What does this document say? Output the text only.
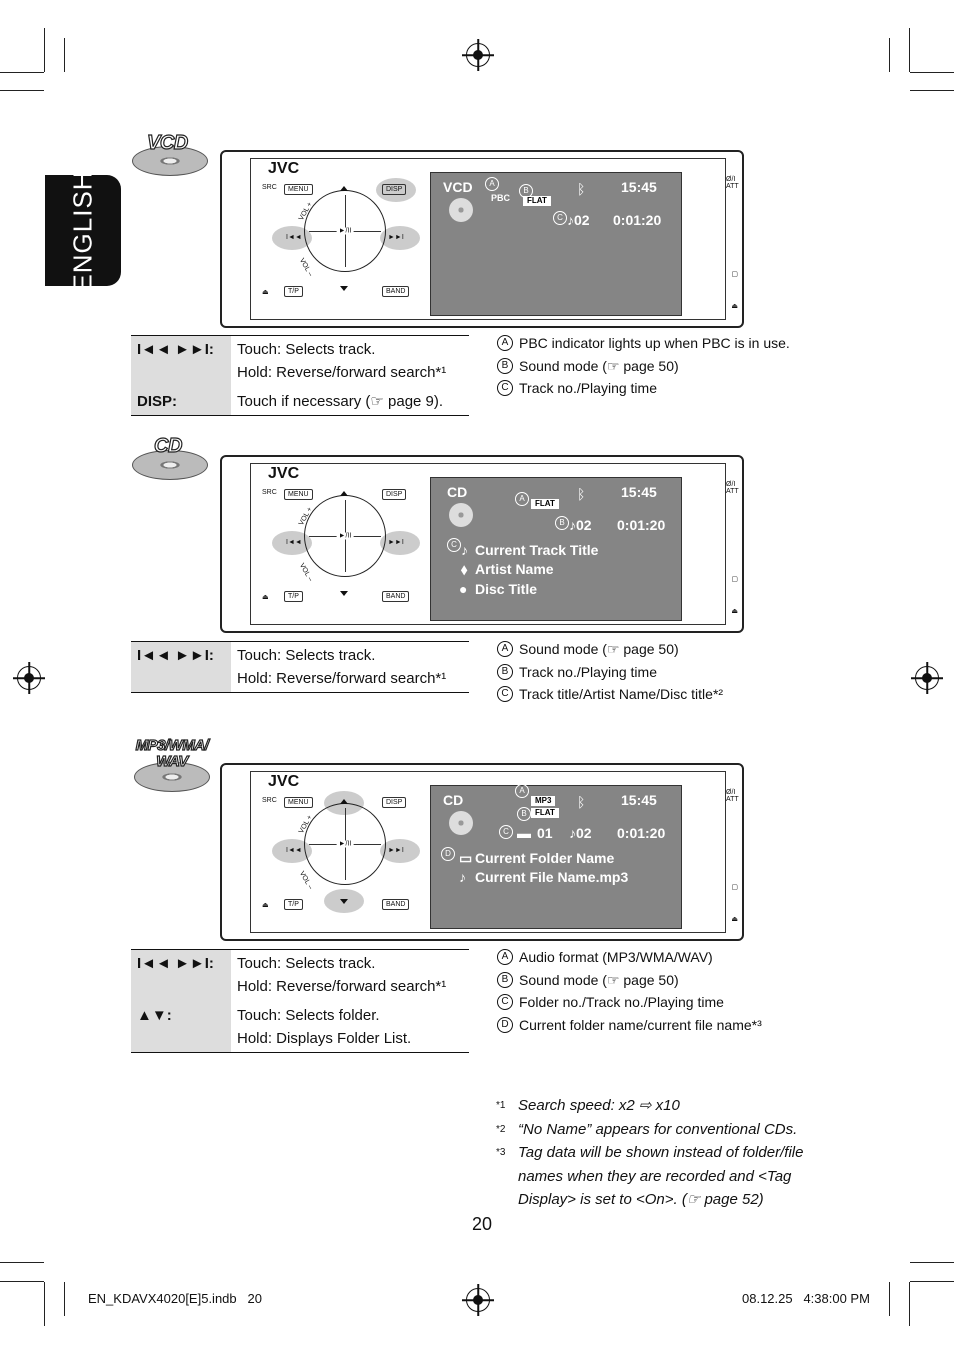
ENGLISH
VCD
JVC
SRC	MENU	DISP
VOL +
VOL –
►/II
I◄◄	►►I
⏏	T/P	BAND
VCD	A
PBC
B
FLAT
ᛒ	15:45
C ♪02 0:01:20
Ø/I ATT
▢
⏏
I◄◄ ►►I:	Touch: Selects track.
Hold: Reverse/forward search*¹

DISP:	Touch if necessary (☞ page 9).
A PBC indicator lights up when PBC is in use.
B Sound mode (☞ page 50)
C Track no./Playing time
CD
JVC
SRC	MENU	DISP
VOL +
VOL –
►/II
I◄◄	►►I
⏏	T/P	BAND
CD	A
FLAT
ᛒ	15:45
B ♪02 0:01:20
C ♪ Current Track Title
⬧ Artist Name
● Disc Title
Ø/I ATT
▢
⏏
I◄◄ ►►I:	Touch: Selects track.
Hold: Reverse/forward search*¹
A Sound mode (☞ page 50)
B Track no./Playing time
C Track title/Artist Name/Disc title*²
MP3/WMA/ WAV
JVC
SRC	MENU	DISP
VOL +
VOL –
►/II
I◄◄	►►I
⏏	T/P	BAND
CD
A
MP3
B	FLAT
ᛒ	15:45
C ▬ 01 ♪02 0:01:20
D ▭ Current Folder Name
♪ Current File Name.mp3
Ø/I ATT
▢
⏏
I◄◄ ►►I:	Touch: Selects track.
Hold: Reverse/forward search*¹

▲▼:	Touch: Selects folder.
Hold: Displays Folder List.
A Audio format (MP3/WMA/WAV)
B Sound mode (☞ page 50)
C Folder no./Track no./Playing time
D Current folder name/current file name*³
*1 Search speed: x2 ⇨ x10
*2 “No Name” appears for conventional CDs.
*3 Tag data will be shown instead of folder/file names when they are recorded and <Tag Display> is set to <On>. (☞ page 52)
20
EN_KDAVX4020[E]5.indb   20	08.12.25   4:38:00 PM
